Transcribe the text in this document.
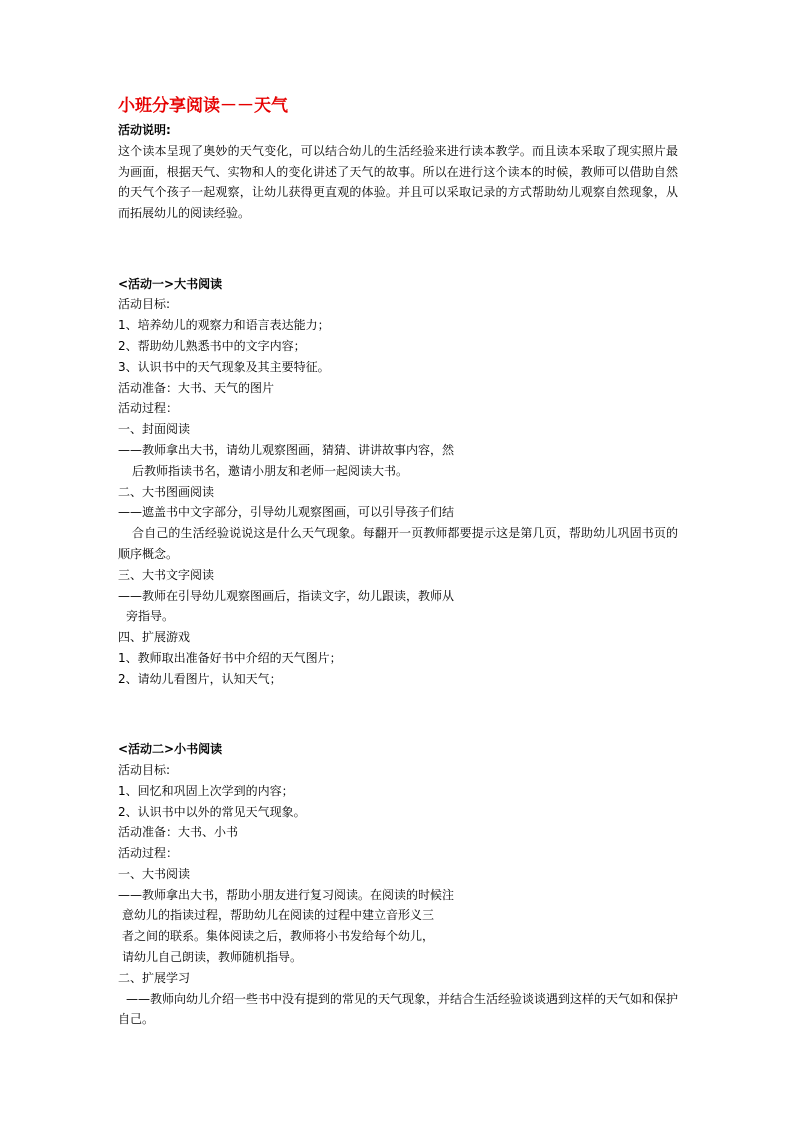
小班分享阅读－－天气
活动说明:

这个读本呈现了奥妙的天气变化，可以结合幼儿的生活经验来进行读本教学。而且读本采取了现实照片最为画面，根据天气、实物和人的变化讲述了天气的故事。所以在进行这个读本的时候，教师可以借助自然的天气个孩子一起观察，让幼儿获得更直观的体验。并且可以采取记录的方式帮助幼儿观察自然现象，从而拓展幼儿的阅读经验。

<活动一>大书阅读
活动目标:
1、培养幼儿的观察力和语言表达能力；
2、帮助幼儿熟悉书中的文字内容；
3、认识书中的天气现象及其主要特征。
活动准备：大书、天气的图片
活动过程：
一、封面阅读
——教师拿出大书，请幼儿观察图画，猜猜、讲讲故事内容，然
后教师指读书名，邀请小朋友和老师一起阅读大书。
二、大书图画阅读
——遮盖书中文字部分，引导幼儿观察图画，可以引导孩子们结

合自己的生活经验说说这是什么天气现象。每翻开一页教师都要提示这是第几页，帮助幼儿巩固书页的顺序概念。

三、大书文字阅读
——教师在引导幼儿观察图画后，指读文字，幼儿跟读，教师从
旁指导。
四、扩展游戏
1、教师取出准备好书中介绍的天气图片；
2、请幼儿看图片，认知天气；
<活动二>小书阅读
活动目标:
1、回忆和巩固上次学到的内容；
2、认识书中以外的常见天气现象。
活动准备：大书、小书
活动过程：
一、大书阅读
——教师拿出大书，帮助小朋友进行复习阅读。在阅读的时候注
意幼儿的指读过程，帮助幼儿在阅读的过程中建立音形义三
者之间的联系。集体阅读之后，教师将小书发给每个幼儿，
请幼儿自己朗读，教师随机指导。
二、扩展学习

——教师向幼儿介绍一些书中没有提到的常见的天气现象，并结合生活经验谈谈遇到这样的天气如和保护自己。
